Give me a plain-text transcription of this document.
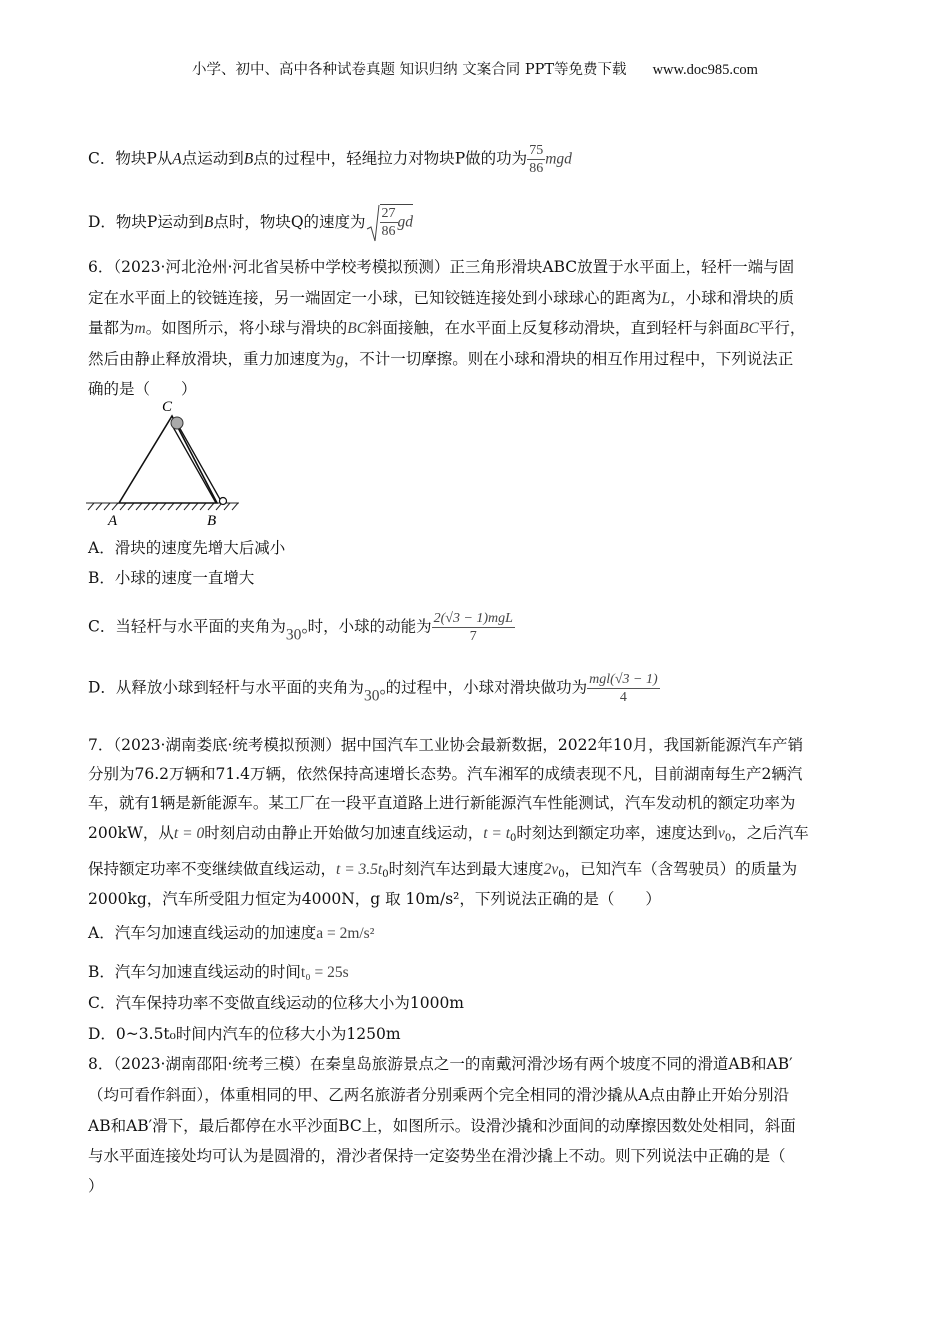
小学、初中、高中各种试卷真题 知识归纳 文案合同 PPT等免费下载 www.doc985.com
C．物块P从A点运动到B点的过程中，轻绳拉力对物块P做的功为 $\frac{75}{86}$ mgd
D．物块P运动到B点时，物块Q的速度为 $\frac{27}{86}$ gd
6．（2023·河北沧州·河北省吴桥中学校考模拟预测）正三角形滑块ABC放置于水平面上，轻杆一端与固
定在水平面上的铰链连接，另一端固定一小球，已知铰链连接处到小球球心的距离为L，小球和滑块的质
量都为m。如图所示，将小球与滑块的BC斜面接触，在水平面上反复移动滑块，直到轻杆与斜面BC平行，
然后由静止释放滑块，重力加速度为g，不计一切摩擦。则在小球和滑块的相互作用过程中，下列说法正
确的是（　　）
C
A	B
A．滑块的速度先增大后减小
B．小球的速度一直增大
C．当轻杆与水平面的夹角为30°时，小球的动能为 $\frac{\text{2(√3 − 1)mgL}}{7}$
D．从释放小球到轻杆与水平面的夹角为30°的过程中，小球对滑块做功为 $\frac{\text{mgl(√3 − 1)}}{4}$
7．（2023·湖南娄底·统考模拟预测）据中国汽车工业协会最新数据，2022年10月，我国新能源汽车产销
分别为76.2万辆和71.4万辆，依然保持高速增长态势。汽车湘军的成绩表现不凡，目前湖南每生产2辆汽
车，就有1辆是新能源车。某工厂在一段平直道路上进行新能源汽车性能测试，汽车发动机的额定功率为
200kW，从t = 0时刻启动由静止开始做匀加速直线运动，$t = t_0$时刻达到额定功率，速度达到$v_0$，之后汽车
保持额定功率不变继续做直线运动，$t = 3.5t_0$时刻汽车达到最大速度$2v_0$，已知汽车（含驾驶员）的质量为
2000kg，汽车所受阻力恒定为4000N，g 取 10m/s²，下列说法正确的是（　　）
A．汽车匀加速直线运动的加速度a = 2m/s²
B．汽车匀加速直线运动的时间t₀ = 25s
C．汽车保持功率不变做直线运动的位移大小为1000m
D．0~3.5t₀时间内汽车的位移大小为1250m
8．（2023·湖南邵阳·统考三模）在秦皇岛旅游景点之一的南戴河滑沙场有两个坡度不同的滑道AB和AB′
（均可看作斜面），体重相同的甲、乙两名旅游者分别乘两个完全相同的滑沙撬从A点由静止开始分别沿
AB和AB′滑下，最后都停在水平沙面BC上，如图所示。设滑沙撬和沙面间的动摩擦因数处处相同，斜面
与水平面连接处均可认为是圆滑的，滑沙者保持一定姿势坐在滑沙撬上不动。则下列说法中正确的是（
）
